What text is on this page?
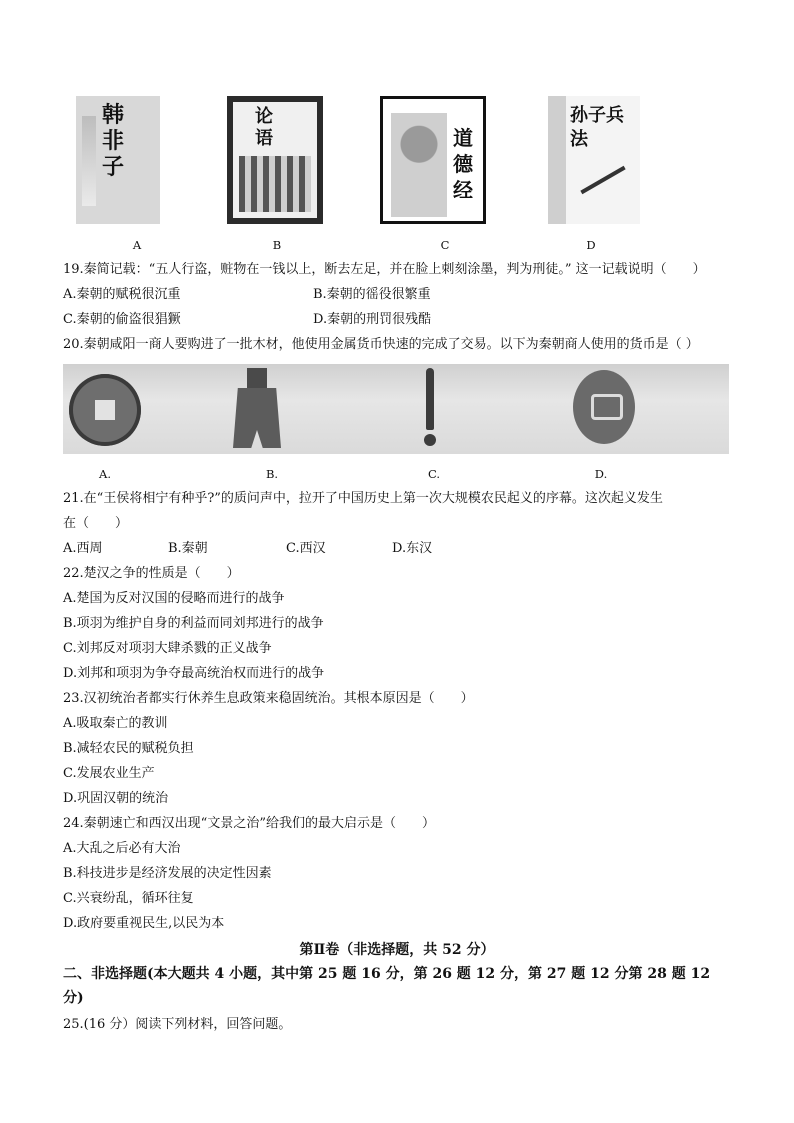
韩非子
A
论语
B
道德经
C
孙子兵法
D
19.秦简记载：“五人行盗，赃物在一钱以上，断去左足，并在脸上刺刻涂墨，判为刑徒。” 这一记载说明（　　）
A.秦朝的赋税很沉重	B.秦朝的徭役很繁重
C.秦朝的偷盗很猖獗	D.秦朝的刑罚很残酷
20.秦朝咸阳一商人要购进了一批木材，他使用金属货币快速的完成了交易。以下为秦朝商人使用的货币是（ ）
A.	B.	C.	D.
21.在“王侯将相宁有种乎?”的质问声中，拉开了中国历史上第一次大规模农民起义的序幕。这次起义发生
在（　　）
A.西周	B.秦朝	C.西汉	D.东汉
22.楚汉之争的性质是（　　）
A.楚国为反对汉国的侵略而进行的战争
B.项羽为维护自身的利益而同刘邦进行的战争
C.刘邦反对项羽大肆杀戮的正义战争
D.刘邦和项羽为争夺最高统治权而进行的战争
23.汉初统治者都实行休养生息政策来稳固统治。其根本原因是（　　）
A.吸取秦亡的教训
B.减轻农民的赋税负担
C.发展农业生产
D.巩固汉朝的统治
24.秦朝速亡和西汉出现“文景之治”给我们的最大启示是（　　）
A.大乱之后必有大治
B.科技进步是经济发展的决定性因素
C.兴衰纷乱，循环往复
D.政府要重视民生,以民为本
第Ⅱ卷（非选择题，共 52 分）
二、非选择题(本大题共 4 小题，其中第 25 题 16 分，第 26 题 12 分，第 27 题 12 分第 28 题 12
分)
25.(16 分）阅读下列材料，回答问题。
